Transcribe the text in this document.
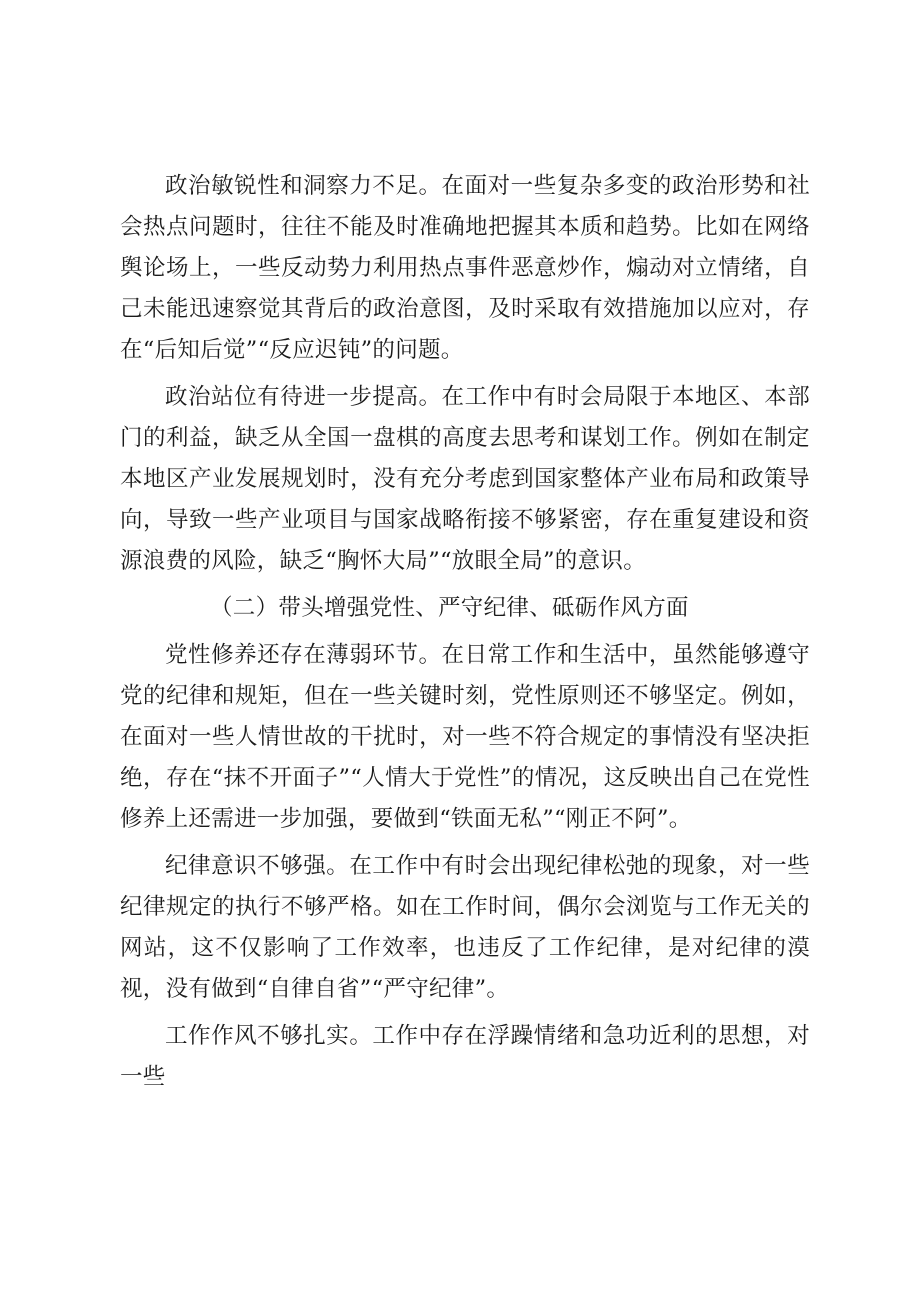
政治敏锐性和洞察力不足。在面对一些复杂多变的政治形势和社会热点问题时，往往不能及时准确地把握其本质和趋势。比如在网络舆论场上，一些反动势力利用热点事件恶意炒作，煽动对立情绪，自己未能迅速察觉其背后的政治意图，及时采取有效措施加以应对，存在“后知后觉”“反应迟钝”的问题。

政治站位有待进一步提高。在工作中有时会局限于本地区、本部门的利益，缺乏从全国一盘棋的高度去思考和谋划工作。例如在制定本地区产业发展规划时，没有充分考虑到国家整体产业布局和政策导向，导致一些产业项目与国家战略衔接不够紧密，存在重复建设和资源浪费的风险，缺乏“胸怀大局”“放眼全局”的意识。

（二）带头增强党性、严守纪律、砥砺作风方面

党性修养还存在薄弱环节。在日常工作和生活中，虽然能够遵守党的纪律和规矩，但在一些关键时刻，党性原则还不够坚定。例如，在面对一些人情世故的干扰时，对一些不符合规定的事情没有坚决拒绝，存在“抹不开面子”“人情大于党性”的情况，这反映出自己在党性修养上还需进一步加强，要做到“铁面无私”“刚正不阿”。

纪律意识不够强。在工作中有时会出现纪律松弛的现象，对一些纪律规定的执行不够严格。如在工作时间，偶尔会浏览与工作无关的网站，这不仅影响了工作效率，也违反了工作纪律，是对纪律的漠视，没有做到“自律自省”“严守纪律”。

工作作风不够扎实。工作中存在浮躁情绪和急功近利的思想，对一些
